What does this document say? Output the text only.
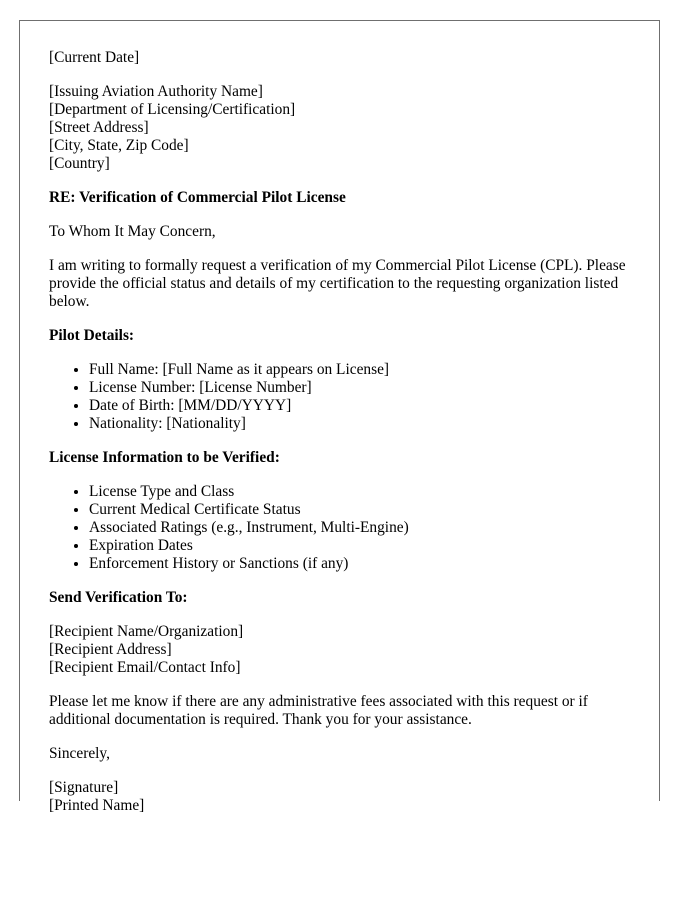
[Current Date]
[Issuing Aviation Authority Name]
[Department of Licensing/Certification]
[Street Address]
[City, State, Zip Code]
[Country]
RE: Verification of Commercial Pilot License
To Whom It May Concern,

I am writing to formally request a verification of my Commercial Pilot License (CPL). Please provide the official status and details of my certification to the requesting organization listed below.

Pilot Details:
• Full Name: [Full Name as it appears on License]
• License Number: [License Number]
• Date of Birth: [MM/DD/YYYY]
• Nationality: [Nationality]
License Information to be Verified:
• License Type and Class
• Current Medical Certificate Status
• Associated Ratings (e.g., Instrument, Multi-Engine)
• Expiration Dates
• Enforcement History or Sanctions (if any)
Send Verification To:
[Recipient Name/Organization]
[Recipient Address]
[Recipient Email/Contact Info]

Please let me know if there are any administrative fees associated with this request or if additional documentation is required. Thank you for your assistance.

Sincerely,
[Signature]
[Printed Name]
